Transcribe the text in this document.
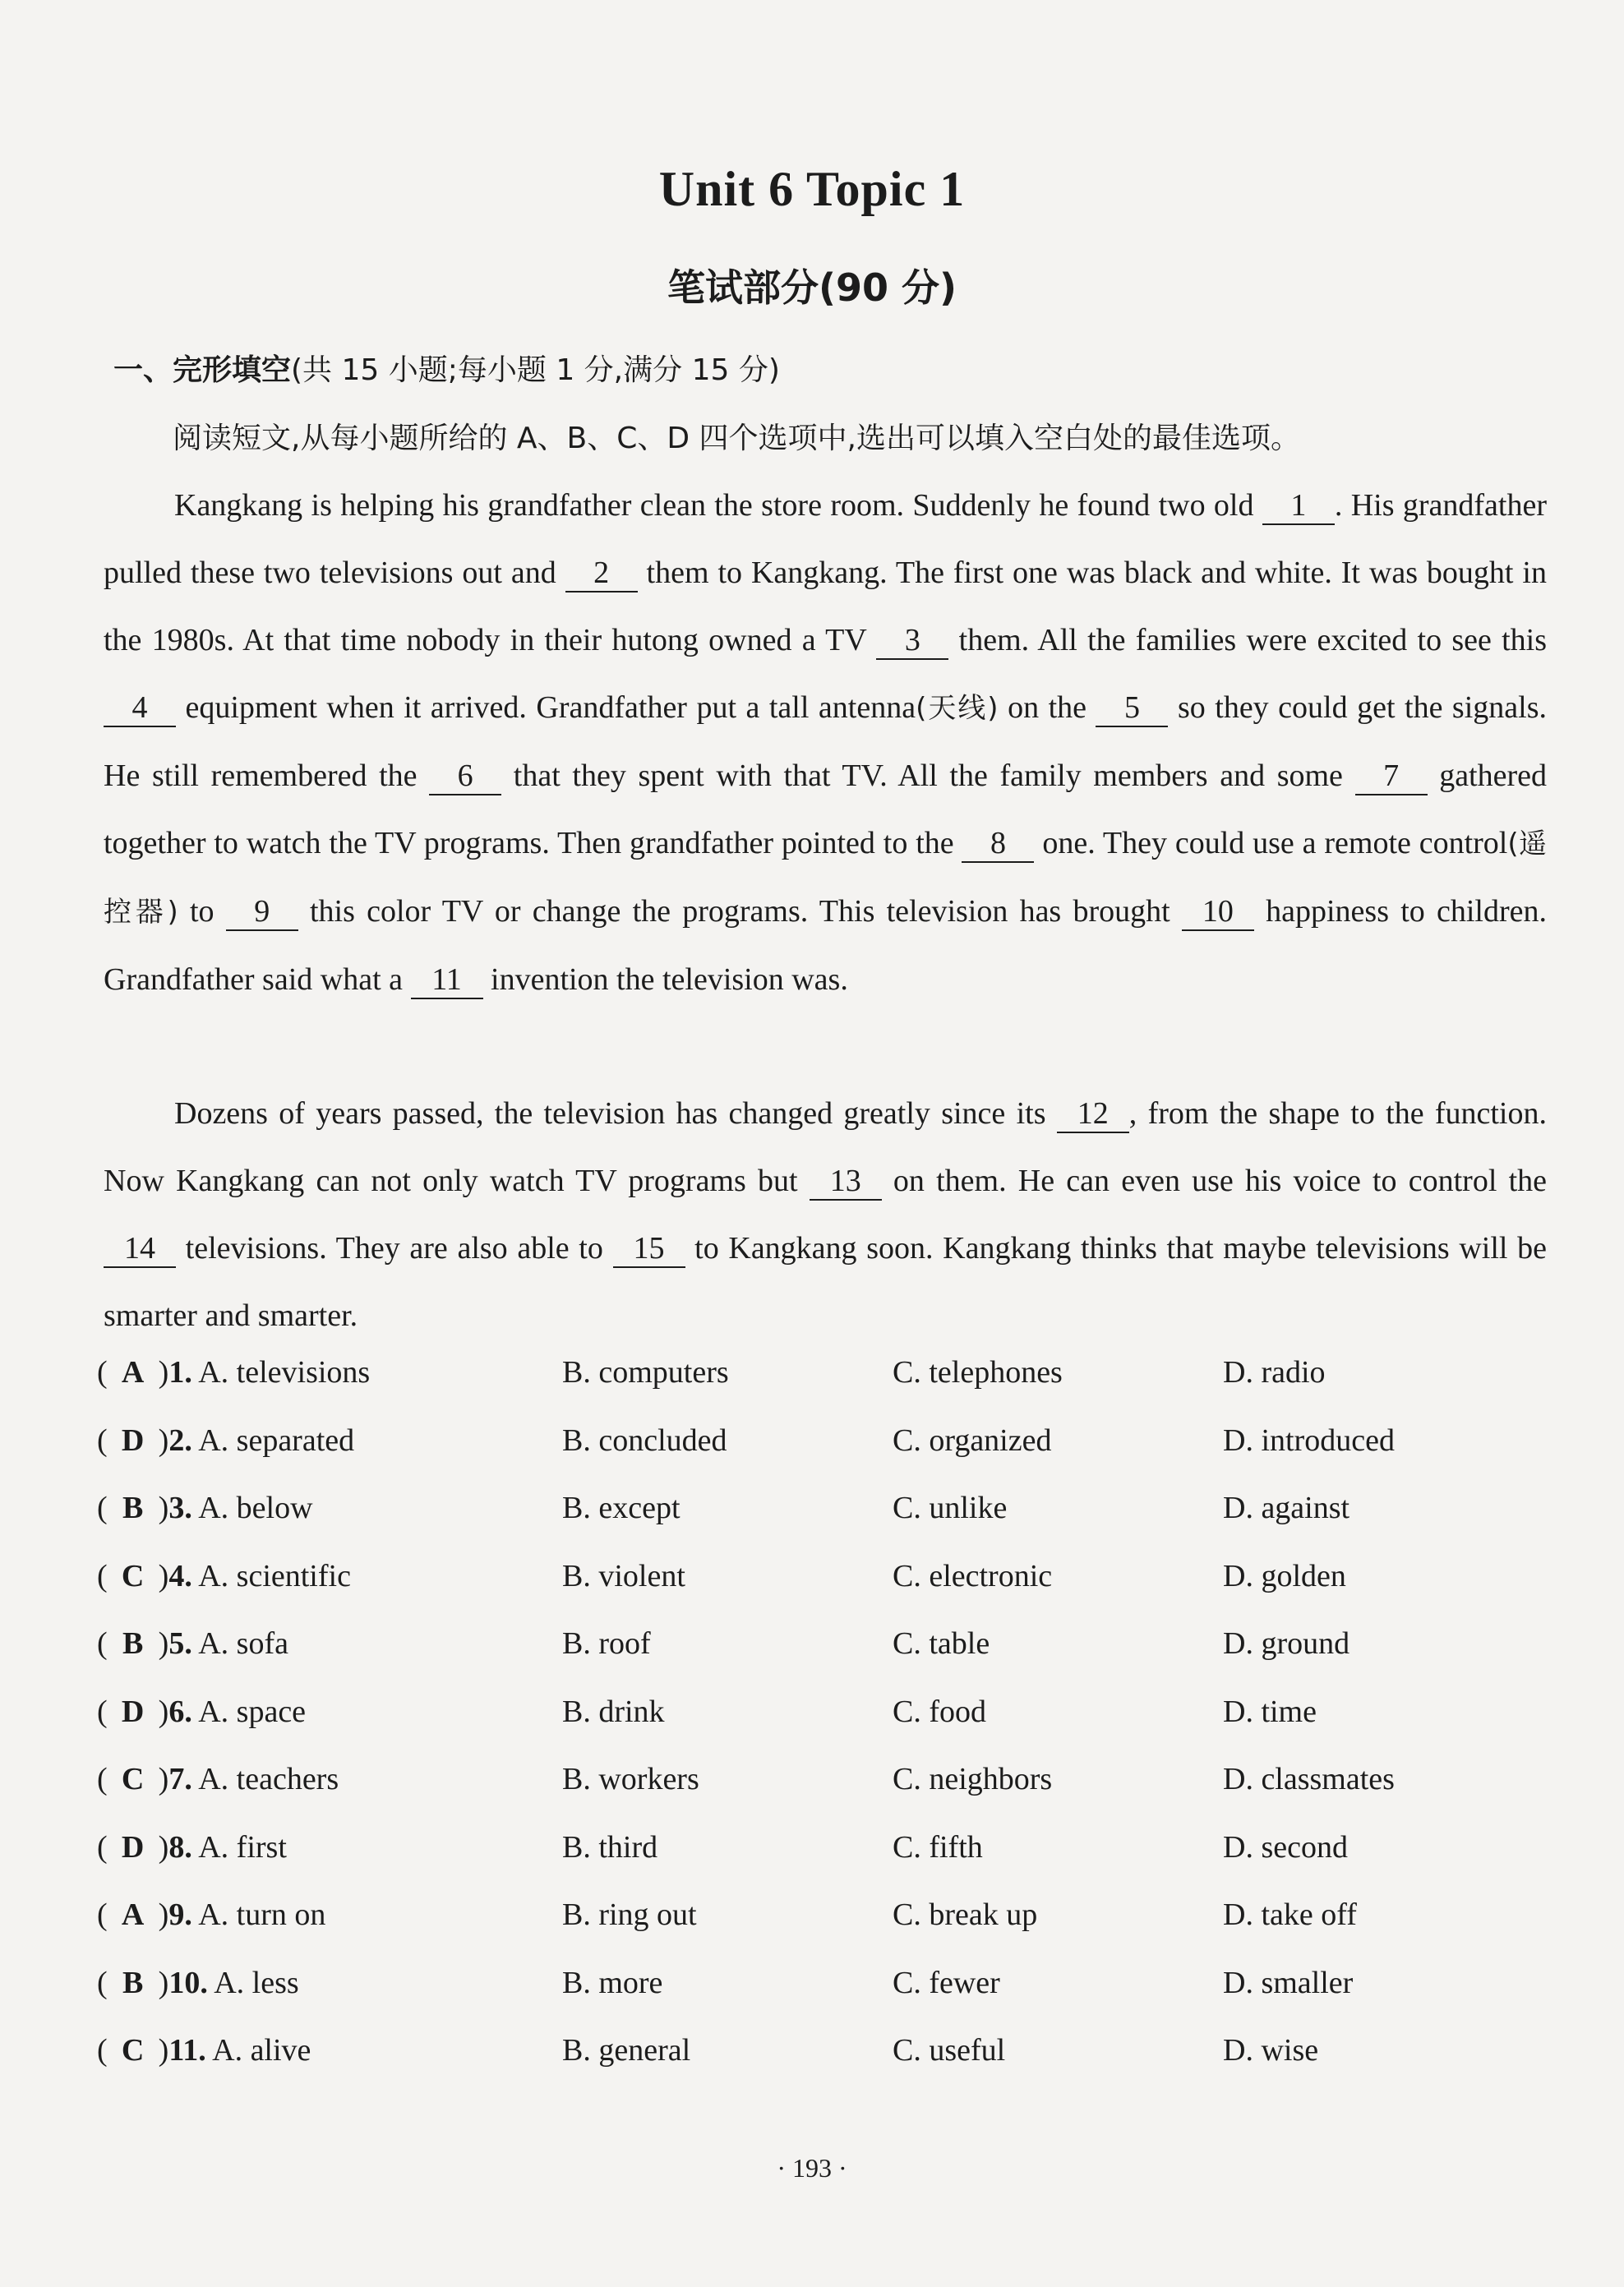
Unit 6 Topic 1
笔试部分(90 分)
一、完形填空(共 15 小题;每小题 1 分,满分 15 分)
阅读短文,从每小题所给的 A、B、C、D 四个选项中,选出可以填入空白处的最佳选项。
Kangkang is helping his grandfather clean the store room. Suddenly he found two old 1 . His grandfather pulled these two televisions out and 2 them to Kangkang. The first one was black and white. It was bought in the 1980s. At that time nobody in their hutong owned a TV 3 them. All the families were excited to see this 4 equipment when it arrived. Grandfather put a tall antenna(天线) on the 5 so they could get the signals. He still remembered the 6 that they spent with that TV. All the family members and some 7 gathered together to watch the TV programs. Then grandfather pointed to the 8 one. They could use a remote control(遥控器) to 9 this color TV or change the programs. This television has brought 10 happiness to children. Grandfather said what a 11 invention the television was.
Dozens of years passed, the television has changed greatly since its 12 , from the shape to the function. Now Kangkang can not only watch TV programs but 13 on them. He can even use his voice to control the 14 televisions. They are also able to 15 to Kangkang soon. Kangkang thinks that maybe televisions will be smarter and smarter.
( A )1. A. televisions	B. computers	C. telephones	D. radio
( D )2. A. separated	B. concluded	C. organized	D. introduced
( B )3. A. below	B. except	C. unlike	D. against
( C )4. A. scientific	B. violent	C. electronic	D. golden
( B )5. A. sofa	B. roof	C. table	D. ground
( D )6. A. space	B. drink	C. food	D. time
( C )7. A. teachers	B. workers	C. neighbors	D. classmates
( D )8. A. first	B. third	C. fifth	D. second
( A )9. A. turn on	B. ring out	C. break up	D. take off
( B )10. A. less	B. more	C. fewer	D. smaller
( C )11. A. alive	B. general	C. useful	D. wise
· 193 ·
